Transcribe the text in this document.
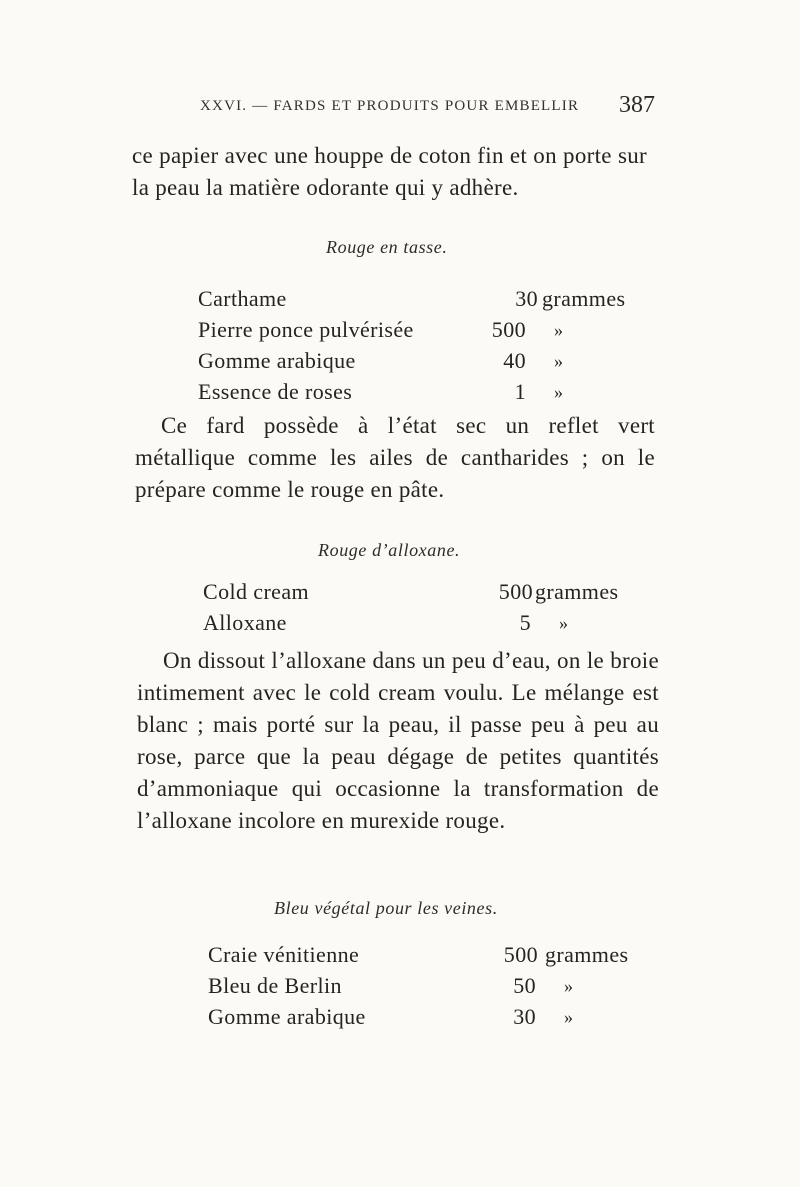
XXVI. — FARDS ET PRODUITS POUR EMBELLIR 387

ce papier avec une houppe de coton fin et on porte sur la peau la matière odorante qui y adhère.

Rouge en tasse.

Carthame	30 grammes
Pierre ponce pulvérisée	500 »
Gomme arabique	40 »
Essence de roses	1 »

Ce fard possède à l’état sec un reflet vert métallique comme les ailes de cantharides ; on le prépare comme le rouge en pâte.

Rouge d’alloxane.

Cold cream	500 grammes
Alloxane	5 »

On dissout l’alloxane dans un peu d’eau, on le broie intimement avec le cold cream voulu. Le mélange est blanc ; mais porté sur la peau, il passe peu à peu au rose, parce que la peau dégage de petites quantités d’ammoniaque qui occasionne la transformation de l’alloxane incolore en murexide rouge.

Bleu végétal pour les veines.

Craie vénitienne	500 grammes
Bleu de Berlin	50 »
Gomme arabique	30 »
